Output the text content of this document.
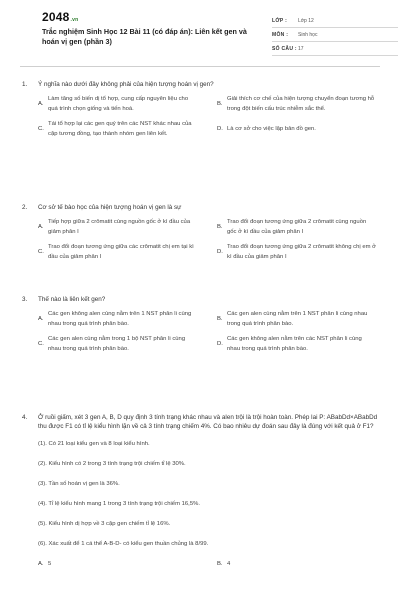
2048.vn
Trắc nghiệm Sinh Học 12 Bài 11 (có đáp án): Liên kết gen và hoán vị gen (phần 3)
LỚP :	Lớp 12
MÔN :	Sinh học
SỐ CÂU : 17
1.	Ý nghĩa nào dưới đây không phải của hiện tượng hoán vị gen?
A.
Làm tăng số biến dị tổ hợp, cung cấp nguyên liệu cho quá trình chọn giống và tiến hoá.
B.
Giải thích cơ chế của hiện tượng chuyển đoạn tương hỗ trong đột biến cấu trúc nhiễm sắc thể.
C.
Tái tổ hợp lại các gen quý trên các NST khác nhau của cặp tương đồng, tạo thành nhóm gen liên kết.
D. Là cơ sở cho việc lập bản đồ gen.
2.	Cơ sở tế bào học của hiện tượng hoán vị gen là sự
A.
Tiếp hợp giữa 2 crômatit cùng nguồn gốc ở kì đầu của giảm phân I
B.
Trao đổi đoạn tương ứng giữa 2 crômatit cùng nguồn gốc ở kì đầu của giảm phân I
C.
Trao đổi đoạn tương ứng giữa các crômatit chị em tại kì đầu của giảm phân I
D.
Trao đổi đoạn tương ứng giữa 2 crômatit không chị em ở kì đầu của giảm phân I
3.	Thế nào là liên kết gen?
A.
Các gen không alen cùng nằm trên 1 NST phân li cùng nhau trong quá trình phân bào.
B.
Các gen alen cùng nằm trên 1 NST phân li cùng nhau trong quá trình phân bào.
C.
Các gen alen cùng nằm trong 1 bộ NST phân li cùng nhau trong quá trình phân bào.
D.
Các gen không alen nằm trên các NST phân li cùng nhau trong quá trình phân bào.
4.	Ở ruồi giấm, xét 3 gen A, B, D quy định 3 tính trạng khác nhau và alen trội là trội hoàn toàn. Phép lai P: ABabDd×ABabDd thu được F1 có tỉ lệ kiểu hình lặn về cả 3 tính trạng chiếm 4%. Có bao nhiêu dự đoán sau đây là đúng với kết quả ở F1?
(1). Có 21 loại kiểu gen và 8 loại kiểu hình.
(2). Kiểu hình có 2 trong 3 tính trạng trội chiếm tỉ lệ 30%.
(3). Tần số hoán vị gen là 36%.
(4). Tỉ lệ kiểu hình mang 1 trong 3 tính trạng trội chiếm 16,5%.
(5). Kiểu hình dị hợp về 3 cặp gen chiếm tỉ lệ 16%.
(6). Xác xuất để 1 cá thể A-B-D- có kiểu gen thuần chủng là 8/99.
A. 5	B. 4
